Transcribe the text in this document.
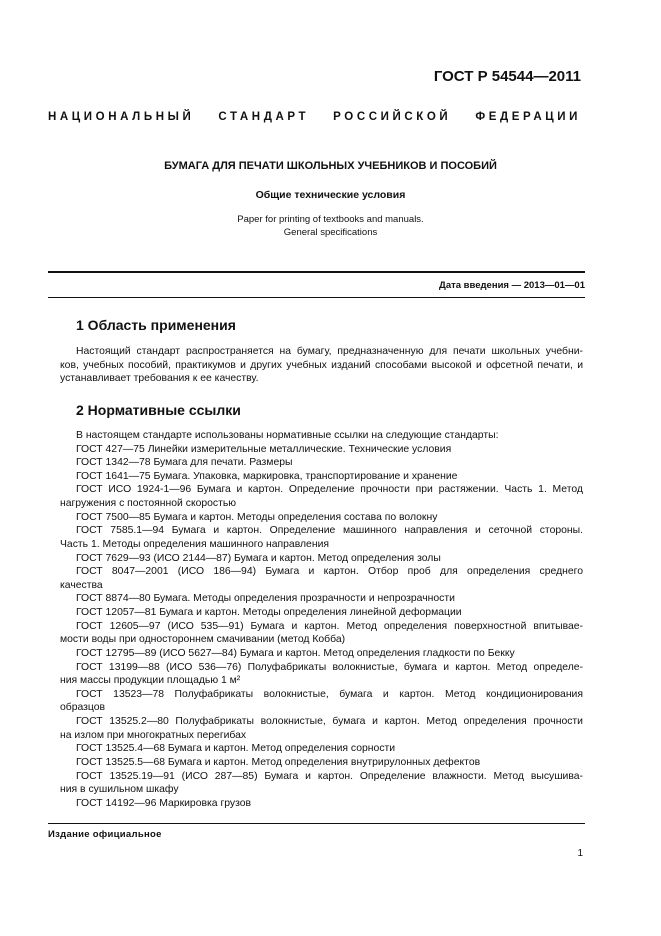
ГОСТ Р 54544—2011
НАЦИОНАЛЬНЫЙ СТАНДАРТ РОССИЙСКОЙ ФЕДЕРАЦИИ
БУМАГА ДЛЯ ПЕЧАТИ ШКОЛЬНЫХ УЧЕБНИКОВ И ПОСОБИЙ
Общие технические условия
Paper for printing of textbooks and manuals.
General specifications
Дата введения — 2013—01—01
1 Область применения
Настоящий стандарт распространяется на бумагу, предназначенную для печати школьных учебни-
ков, учебных пособий, практикумов и других учебных изданий способами высокой и офсетной печати, и
устанавливает требования к ее качеству.
2 Нормативные ссылки
В настоящем стандарте использованы нормативные ссылки на следующие стандарты:
ГОСТ 427—75 Линейки измерительные металлические. Технические условия
ГОСТ 1342—78 Бумага для печати. Размеры
ГОСТ 1641—75 Бумага. Упаковка, маркировка, транспортирование и хранение
ГОСТ ИСО 1924-1—96 Бумага и картон. Определение прочности при растяжении. Часть 1. Метод
нагружения с постоянной скоростью
ГОСТ 7500—85 Бумага и картон. Методы определения состава по волокну
ГОСТ 7585.1—94 Бумага и картон. Определение машинного направления и сеточной стороны.
Часть 1. Методы определения машинного направления
ГОСТ 7629—93 (ИСО 2144—87) Бумага и картон. Метод определения золы
ГОСТ 8047—2001 (ИСО 186—94) Бумага и картон. Отбор проб для определения среднего
качества
ГОСТ 8874—80 Бумага. Методы определения прозрачности и непрозрачности
ГОСТ 12057—81 Бумага и картон. Методы определения линейной деформации
ГОСТ 12605—97 (ИСО 535—91) Бумага и картон. Метод определения поверхностной впитывае-
мости воды при одностороннем смачивании (метод Кобба)
ГОСТ 12795—89 (ИСО 5627—84) Бумага и картон. Метод определения гладкости по Бекку
ГОСТ 13199—88 (ИСО 536—76) Полуфабрикаты волокнистые, бумага и картон. Метод определе-
ния массы продукции площадью 1 м²
ГОСТ 13523—78 Полуфабрикаты волокнистые, бумага и картон. Метод кондиционирования
образцов
ГОСТ 13525.2—80 Полуфабрикаты волокнистые, бумага и картон. Метод определения прочности
на излом при многократных перегибах
ГОСТ 13525.4—68 Бумага и картон. Метод определения сорности
ГОСТ 13525.5—68 Бумага и картон. Метод определения внутрирулонных дефектов
ГОСТ 13525.19—91 (ИСО 287—85) Бумага и картон. Определение влажности. Метод высушива-
ния в сушильном шкафу
ГОСТ 14192—96 Маркировка грузов
Издание официальное
1
